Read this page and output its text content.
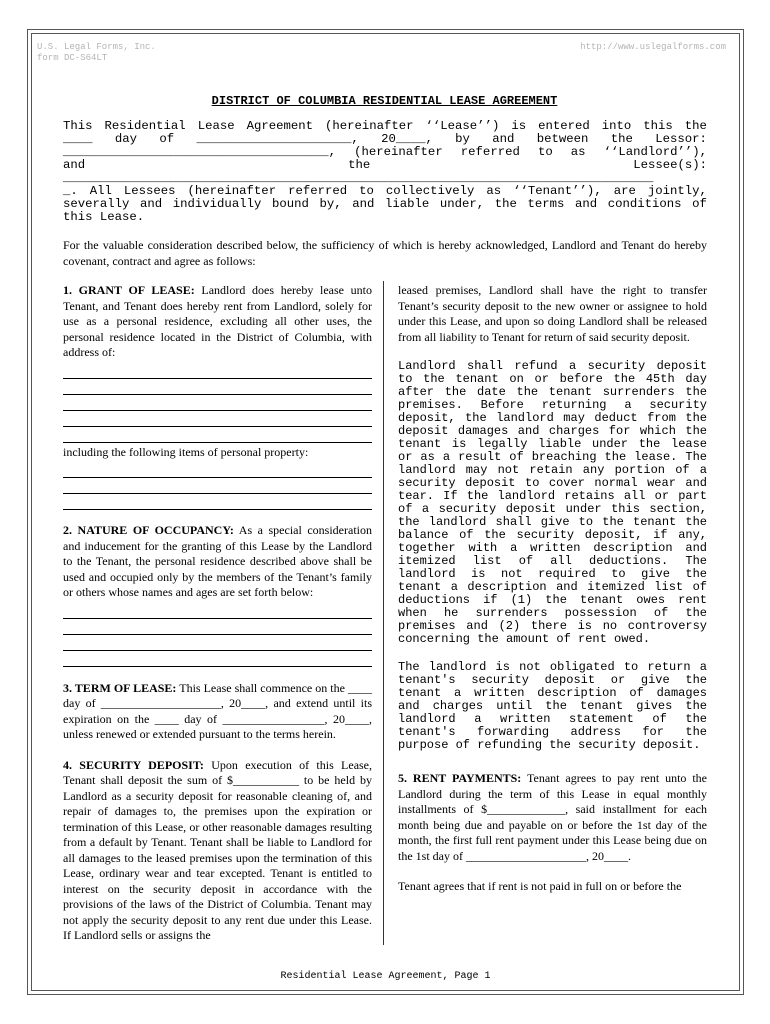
U.S. Legal Forms, Inc.
form DC-S64LT
http://www.uslegalforms.com
DISTRICT OF COLUMBIA RESIDENTIAL LEASE AGREEMENT
This Residential Lease Agreement (hereinafter ‘‘Lease’’) is entered into this the
____ day of _____________________, 20____, by and between the Lessor:
____________________________________, (hereinafter referred to as ‘‘Landlord’’),
and	the	Lessee(s):
________________________________________________________________________________
_. All Lessees (hereinafter referred to collectively as ‘‘Tenant’’), are jointly,
severally and individually bound by, and liable under, the terms and conditions of
this Lease.

For the valuable consideration described below, the sufficiency of which is hereby acknowledged, Landlord and Tenant do hereby covenant, contract and agree as follows:

1. GRANT OF LEASE: Landlord does hereby lease unto Tenant, and Tenant does hereby rent from Landlord, solely for use as a personal residence, excluding all other uses, the personal residence located in the District of Columbia, with address of:

including the following items of personal property:

2. NATURE OF OCCUPANCY: As a special consideration and inducement for the granting of this Lease by the Landlord to the Tenant, the personal residence described above shall be used and occupied only by the members of the Tenant’s family or others whose names and ages are set forth below:

3. TERM OF LEASE: This Lease shall commence on the ____ day of ____________________, 20____, and extend until its expiration on the ____ day of _________________, 20____, unless renewed or extended pursuant to the terms herein.

4. SECURITY DEPOSIT: Upon execution of this Lease, Tenant shall deposit the sum of $___________ to be held by Landlord as a security deposit for reasonable cleaning of, and repair of damages to, the premises upon the expiration or termination of this Lease, or other reasonable damages resulting from a default by Tenant. Tenant shall be liable to Landlord for all damages to the leased premises upon the termination of this Lease, ordinary wear and tear excepted. Tenant is entitled to interest on the security deposit in accordance with the provisions of the laws of the District of Columbia. Tenant may not apply the security deposit to any rent due under this Lease. If Landlord sells or assigns the

leased premises, Landlord shall have the right to transfer Tenant’s security deposit to the new owner or assignee to hold under this Lease, and upon so doing Landlord shall be released from all liability to Tenant for return of said security deposit.

Landlord shall refund a security deposit to the tenant on or before the 45th day after the date the tenant surrenders the premises. Before returning a security deposit, the landlord may deduct from the deposit damages and charges for which the tenant is legally liable under the lease or as a result of breaching the lease. The landlord may not retain any portion of a security deposit to cover normal wear and tear. If the landlord retains all or part of a security deposit under this section, the landlord shall give to the tenant the balance of the security deposit, if any, together with a written description and itemized list of all deductions. The landlord is not required to give the tenant a description and itemized list of deductions if (1) the tenant owes rent when he surrenders possession of the premises and (2) there is no controversy concerning the amount of rent owed.

The landlord is not obligated to return a tenant's security deposit or give the tenant a written description of damages and charges until the tenant gives the landlord a written statement of the tenant's forwarding address for the purpose of refunding the security deposit.

5. RENT PAYMENTS: Tenant agrees to pay rent unto the Landlord during the term of this Lease in equal monthly installments of $_____________, said installment for each month being due and payable on or before the 1st day of the month, the first full rent payment under this Lease being due on the 1st day of ____________________, 20____.

Tenant agrees that if rent is not paid in full on or before the

Residential Lease Agreement, Page 1
